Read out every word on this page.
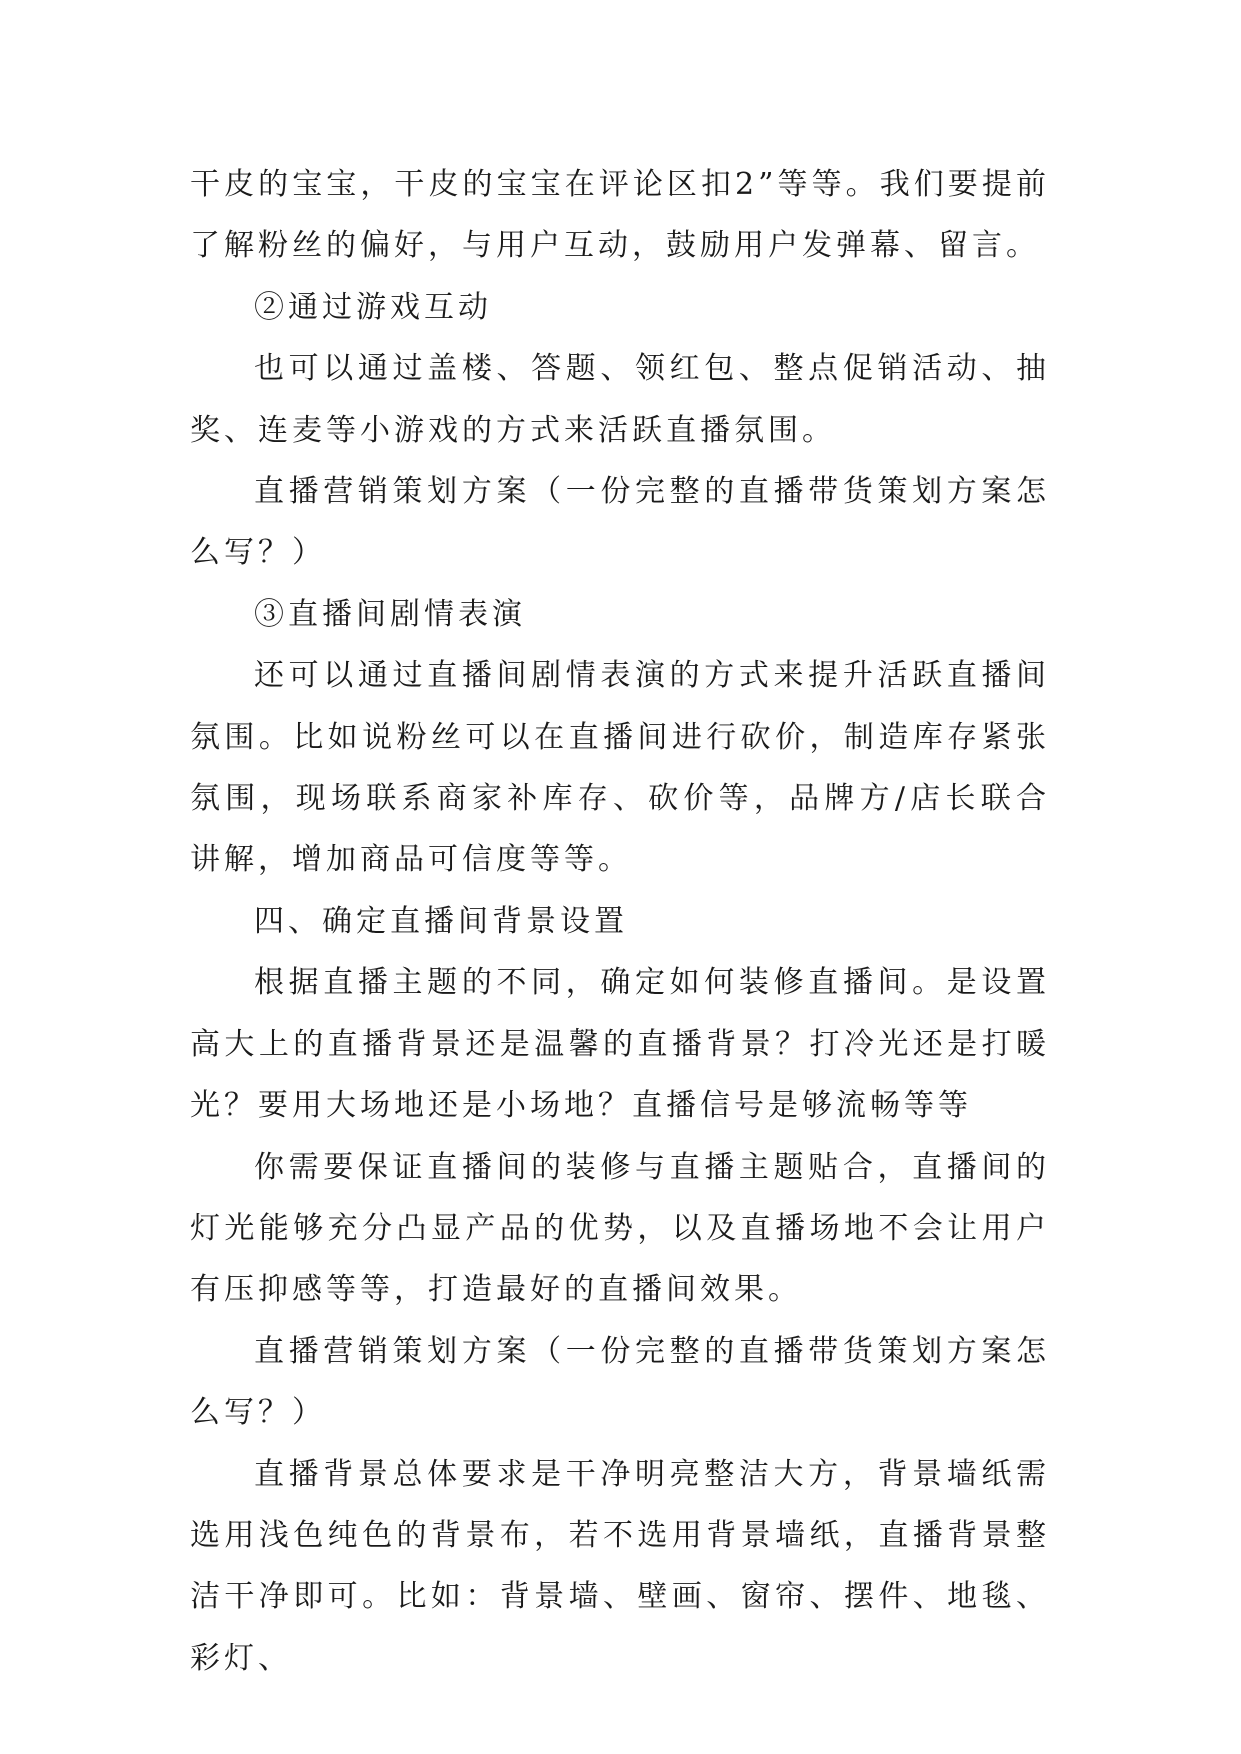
干皮的宝宝，干皮的宝宝在评论区扣2”等等。我们要提前了解粉丝的偏好，与用户互动，鼓励用户发弹幕、留言。

②通过游戏互动

也可以通过盖楼、答题、领红包、整点促销活动、抽奖、连麦等小游戏的方式来活跃直播氛围。

直播营销策划方案（一份完整的直播带货策划方案怎么写？）

③直播间剧情表演

还可以通过直播间剧情表演的方式来提升活跃直播间氛围。比如说粉丝可以在直播间进行砍价，制造库存紧张氛围，现场联系商家补库存、砍价等，品牌方/店长联合讲解，增加商品可信度等等。

四、确定直播间背景设置

根据直播主题的不同，确定如何装修直播间。是设置高大上的直播背景还是温馨的直播背景？打冷光还是打暖光？要用大场地还是小场地？直播信号是够流畅等等

你需要保证直播间的装修与直播主题贴合，直播间的灯光能够充分凸显产品的优势，以及直播场地不会让用户有压抑感等等，打造最好的直播间效果。

直播营销策划方案（一份完整的直播带货策划方案怎么写？）

直播背景总体要求是干净明亮整洁大方，背景墙纸需选用浅色纯色的背景布，若不选用背景墙纸，直播背景整洁干净即可。比如：背景墙、壁画、窗帘、摆件、地毯、彩灯、
